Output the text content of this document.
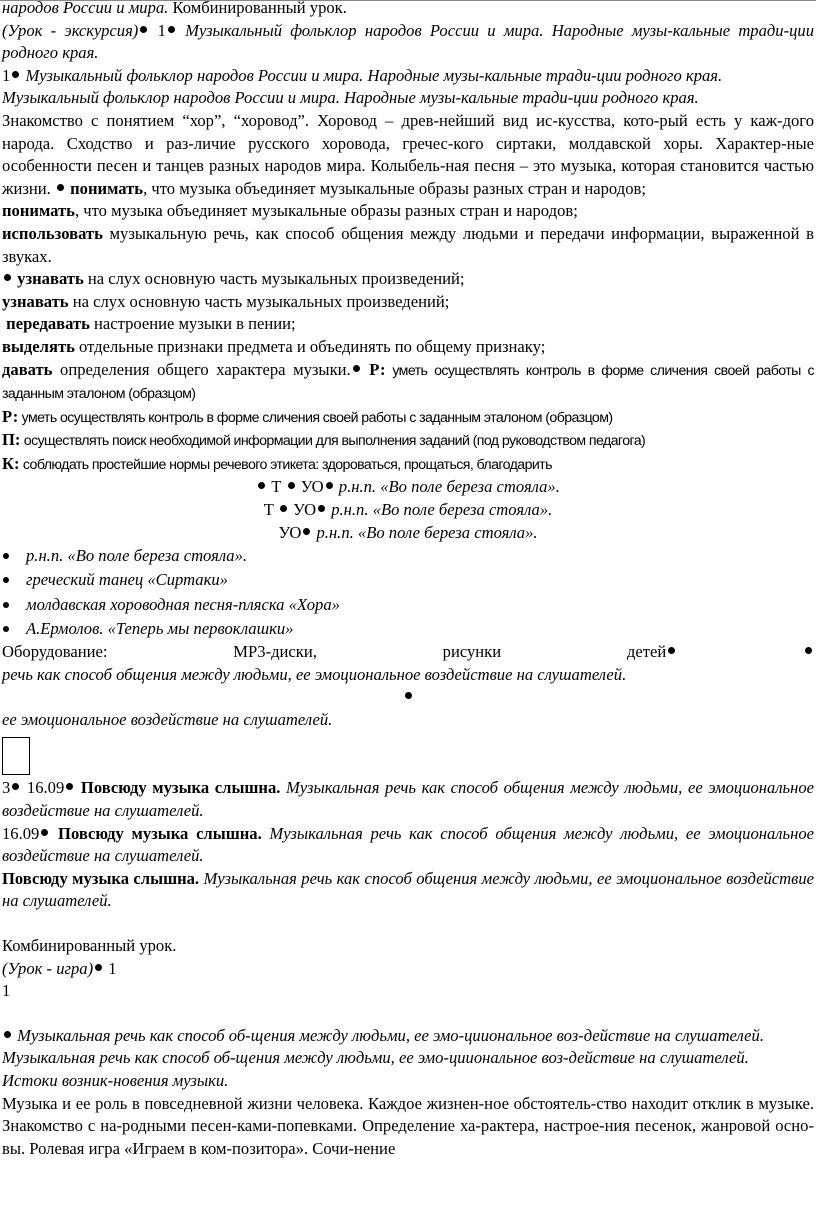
народов России и мира. Комбинированный урок.

(Урок - экскурсия) 1 Музыкальный фольклор народов России и мира. Народные музы-кальные тради-ции родного края.

1 Музыкальный фольклор народов России и мира. Народные музы-кальные тради-ции родного края.

Музыкальный фольклор народов России и мира. Народные музы-кальные тради-ции родного края.

Знакомство с понятием “хор”, “хоровод”. Хоровод – древ-нейший вид ис-кусства, кото-рый есть у каж-дого народа. Сходство и раз-личие русского хоровода, гречес-кого сиртаки, молдавской хоры. Характер-ные особенности песен и танцев разных народов мира. Колыбель-ная песня – это музыка, которая становится частью жизни.  понимать, что музыка объединяет музыкальные образы разных стран и народов;

понимать, что музыка объединяет музыкальные образы разных стран и народов;

использовать музыкальную речь, как способ общения между людьми и передачи информации, выраженной в звуках.

узнавать на слух основную часть музыкальных произведений;

узнавать на слух основную часть музыкальных произведений;

передавать настроение музыки в пении;

выделять отдельные признаки предмета и объединять по общему признаку;

давать определения общего характера музыки. Р: уметь осуществлять контроль в форме сличения своей работы с заданным эталоном (образцом)

Р: уметь осуществлять контроль в форме сличения своей работы с заданным эталоном (образцом)

П: осуществлять поиск необходимой информации для выполнения заданий (под руководством педагога)

К: соблюдать простейшие нормы речевого этикета: здороваться, прощаться, благодарить

Т  УО р.н.п. «Во поле береза стояла».

Т  УО р.н.п. «Во поле береза стояла».

УО р.н.п. «Во поле береза стояла».

р.н.п. «Во поле береза стояла».
греческий танец «Сиртаки»
молдавская хороводная песня-пляска «Хора»
А.Ермолов. «Теперь мы первоклашки»

Оборудование: МР3-диски, рисунки детей

речь как способ общения между людьми, ее эмоциональное воздействие на слушателей.

ее эмоциональное воздействие на слушателей.

3 16.09 Повсюду музыка слышна. Музыкальная речь как способ общения между людьми, ее эмоциональное воздействие на слушателей.

16.09 Повсюду музыка слышна. Музыкальная речь как способ общения между людьми, ее эмоциональное воздействие на слушателей.

Повсюду музыка слышна. Музыкальная речь как способ общения между людьми, ее эмоциональное воздействие на слушателей.

Комбинированный урок.

(Урок - игра) 1

1

Музыкальная речь как способ об-щения между людьми, ее эмо-цииональное воз-действие на слушателей.

Музыкальная речь как способ об-щения между людьми, ее эмо-цииональное воз-действие на слушателей.

Истоки возник-новения музыки.

Музыка и ее роль в повседневной жизни человека. Каждое жизнен-ное обстоятель-ство находит отклик в музыке. Знакомство с на-родными песен-ками-попевками. Определение ха-рактера, настрое-ния песенок, жанровой осно-вы. Ролевая игра «Играем в ком-позитора». Сочи-нение
